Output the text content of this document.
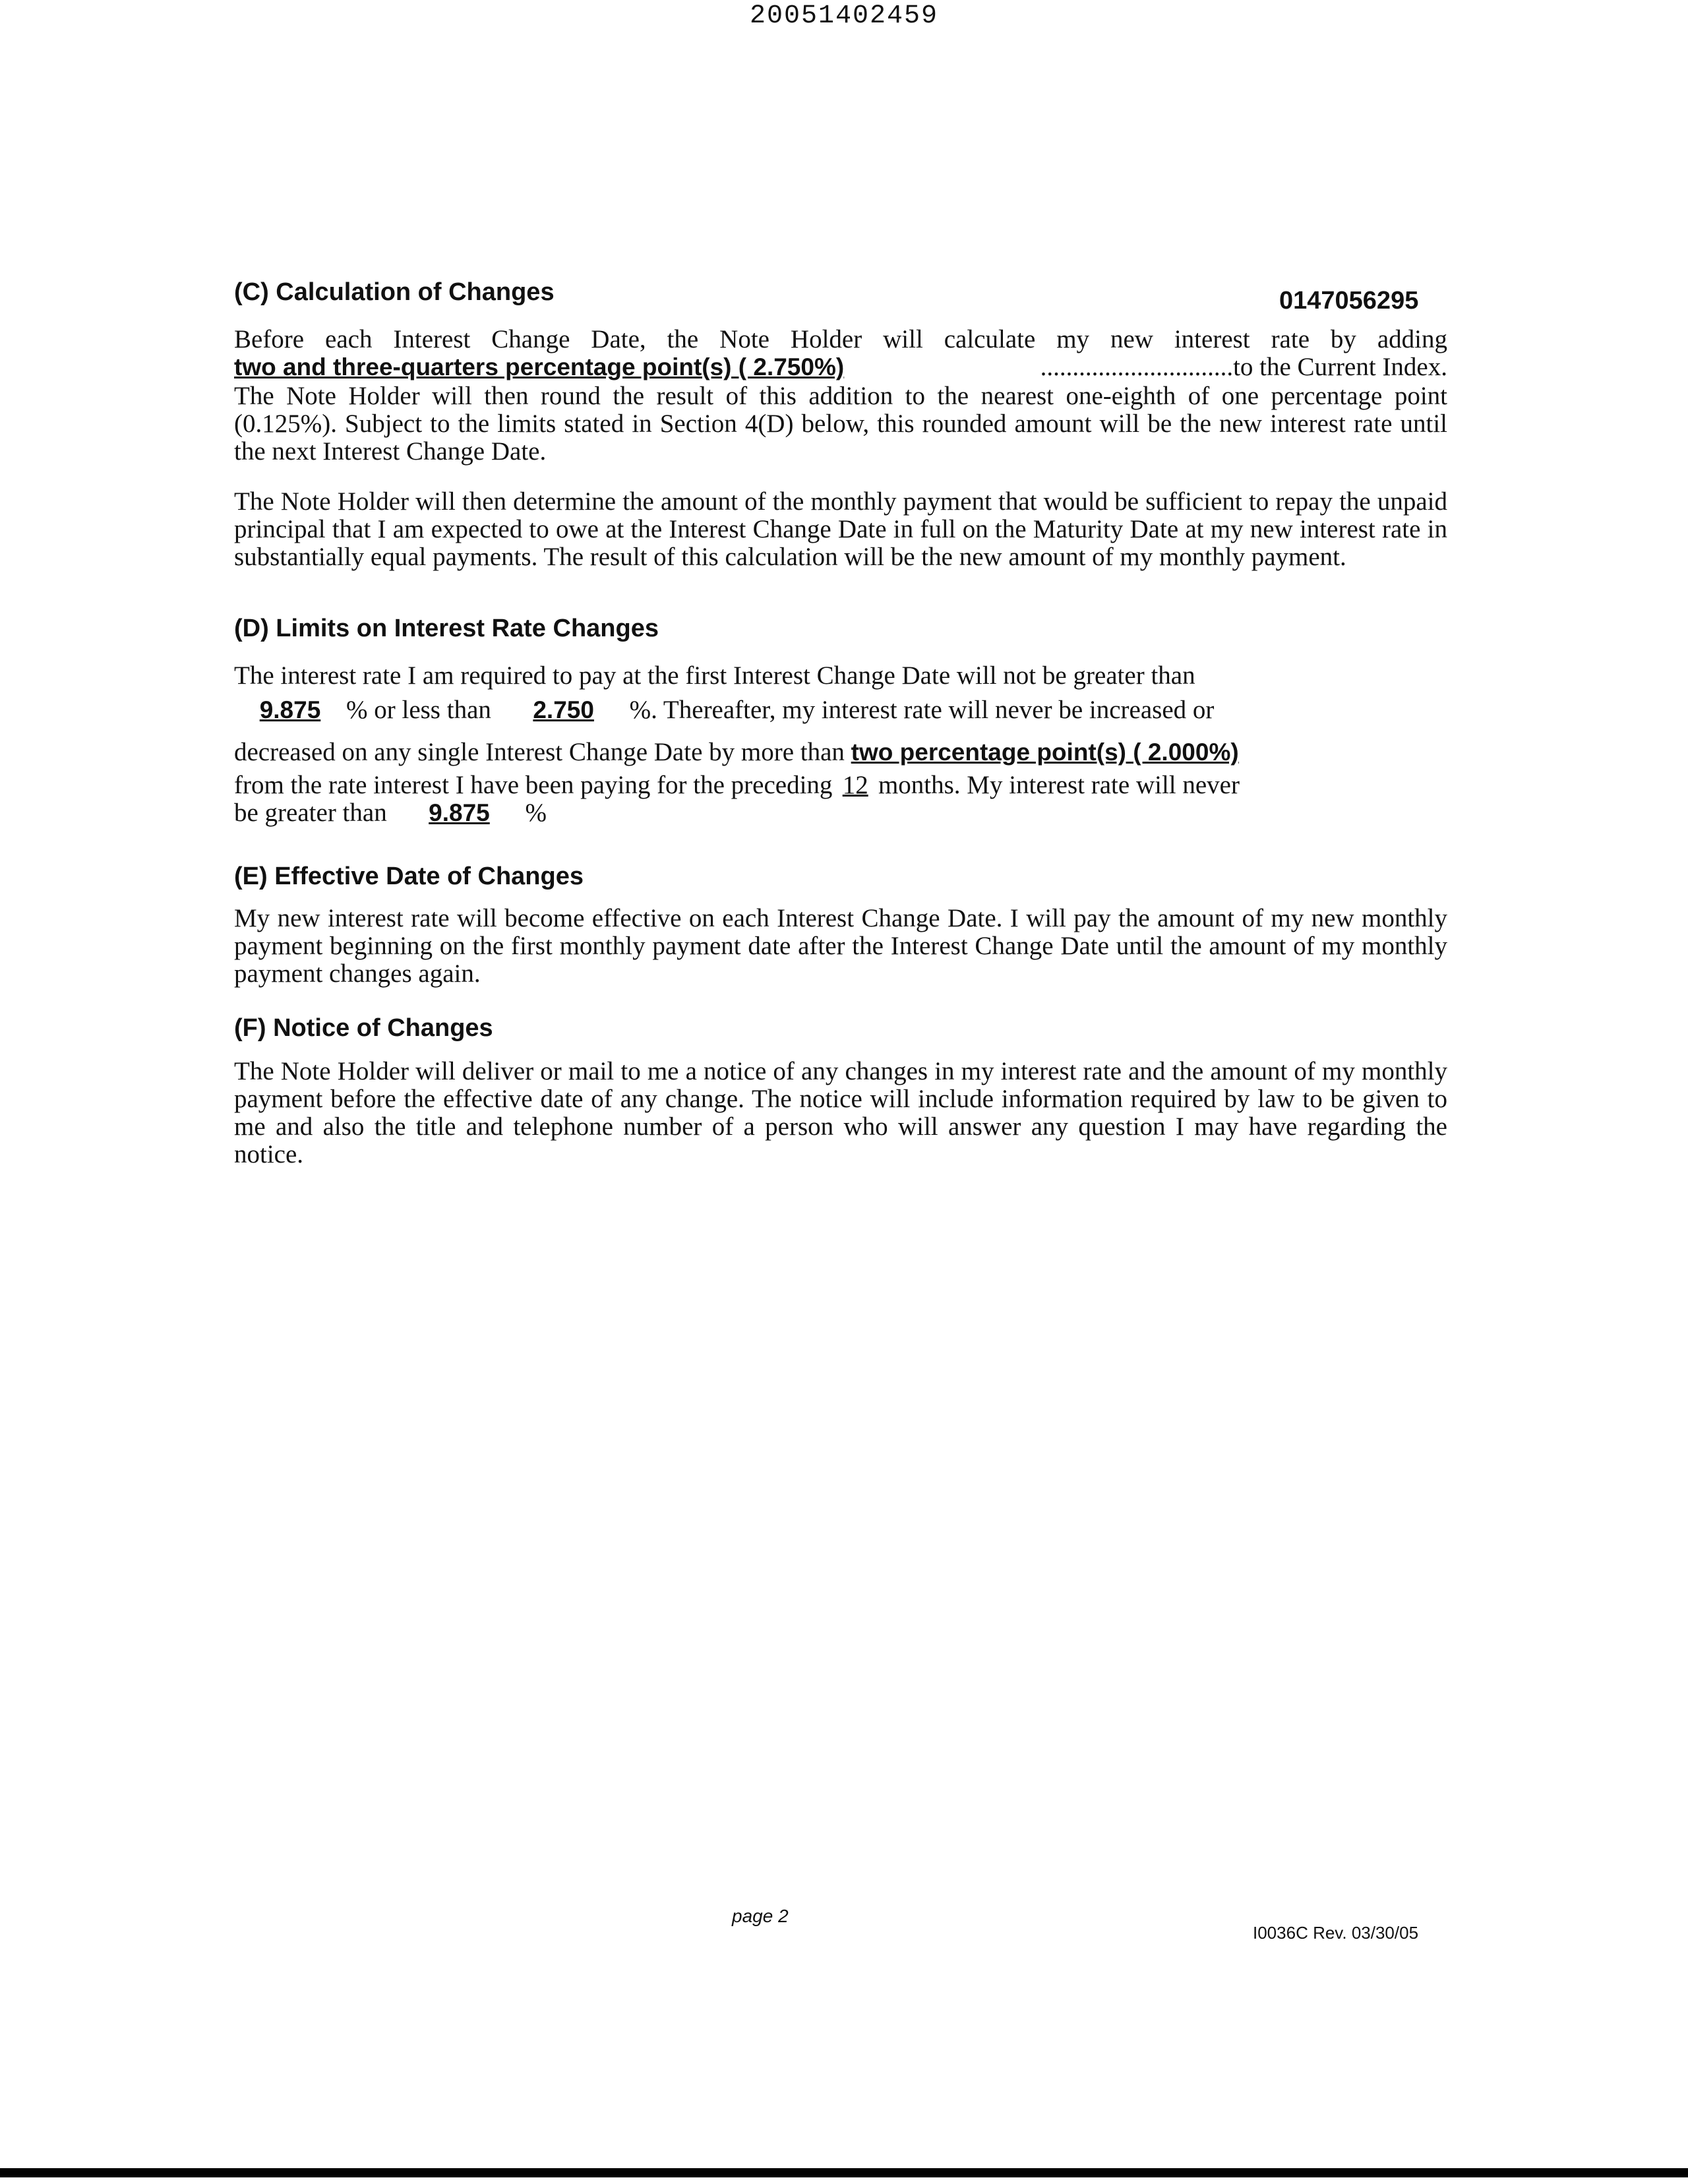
20051402459
(C) Calculation of Changes	0147056295
Before each Interest Change Date, the Note Holder will calculate my new interest rate by adding
two and three-quarters percentage point(s) ( 2.750%)	..............................to the Current Index.
The Note Holder will then round the result of this addition to the nearest one-eighth of one percentage point (0.125%). Subject to the limits stated in Section 4(D) below, this rounded amount will be the new interest rate until the next Interest Change Date.
The Note Holder will then determine the amount of the monthly payment that would be sufficient to repay the unpaid principal that I am expected to owe at the Interest Change Date in full on the Maturity Date at my new interest rate in substantially equal payments. The result of this calculation will be the new amount of my monthly payment.
(D) Limits on Interest Rate Changes
The interest rate I am required to pay at the first Interest Change Date will not be greater than
9.875 % or less than 2.750 %. Thereafter, my interest rate will never be increased or
decreased on any single Interest Change Date by more than two percentage point(s) ( 2.000%)
from the rate interest I have been paying for the preceding 12 months. My interest rate will never
be greater than 9.875 %
(E) Effective Date of Changes
My new interest rate will become effective on each Interest Change Date. I will pay the amount of my new monthly payment beginning on the first monthly payment date after the Interest Change Date until the amount of my monthly payment changes again.
(F) Notice of Changes
The Note Holder will deliver or mail to me a notice of any changes in my interest rate and the amount of my monthly payment before the effective date of any change. The notice will include information required by law to be given to me and also the title and telephone number of a person who will answer any question I may have regarding the notice.
page 2
I0036C Rev. 03/30/05
